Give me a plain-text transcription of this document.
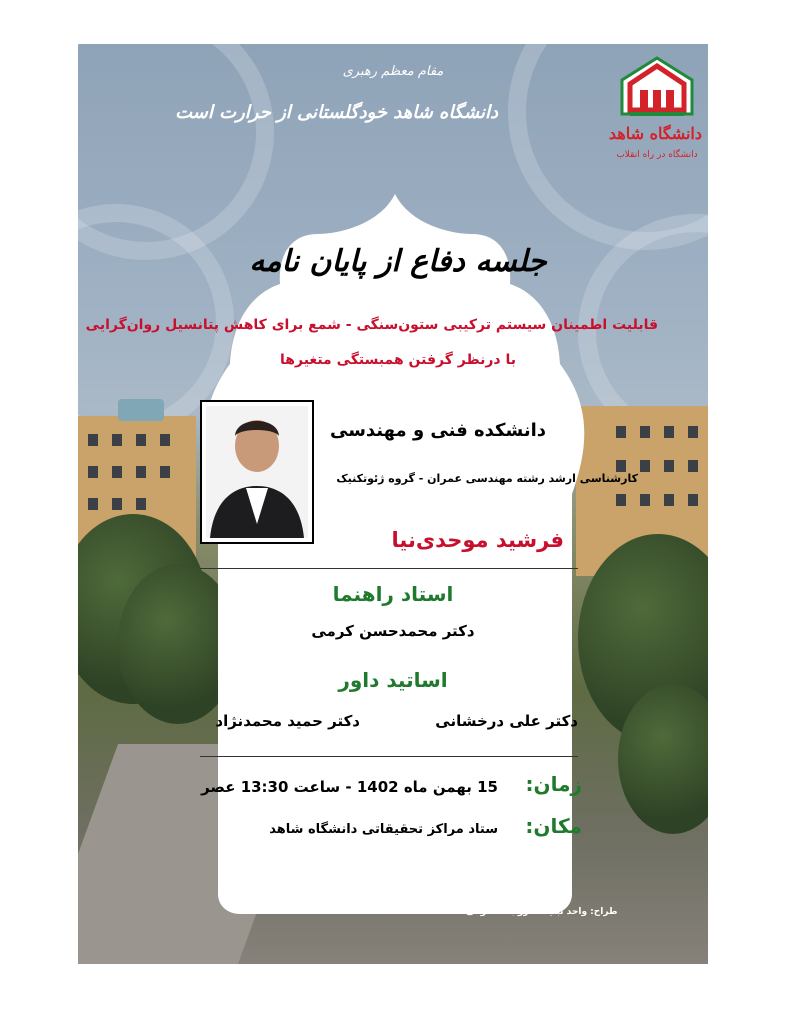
دانشگاه شاهد
دانشگاه در راه انقلاب
مقام معظم رهبری
دانشگاه شاهد خودگلستانی از حرارت است
جلسه دفاع از پایان نامه
قابلیت اطمینان سیستم ترکیبی ستون‌سنگی - شمع برای کاهش پتانسیل روان‌گرایی
با درنظر گرفتن همبستگی متغیرها
دانشکده فنی و مهندسی
کارشناسی ارشد رشته مهندسی عمران - گروه ژئوتکنیک
فرشید موحدی‌نیا
استاد راهنما
دکتر محمدحسن کرمی
اساتید داور
دکتر علی درخشانی
دکتر حمید محمدنژاد
زمان:
15 بهمن ماه 1402 - ساعت 13:30 عصر
مکان:
ستاد مراکز تحقیقاتی دانشگاه شاهد
طراح: واحد تبلیغات روابط عمومی
